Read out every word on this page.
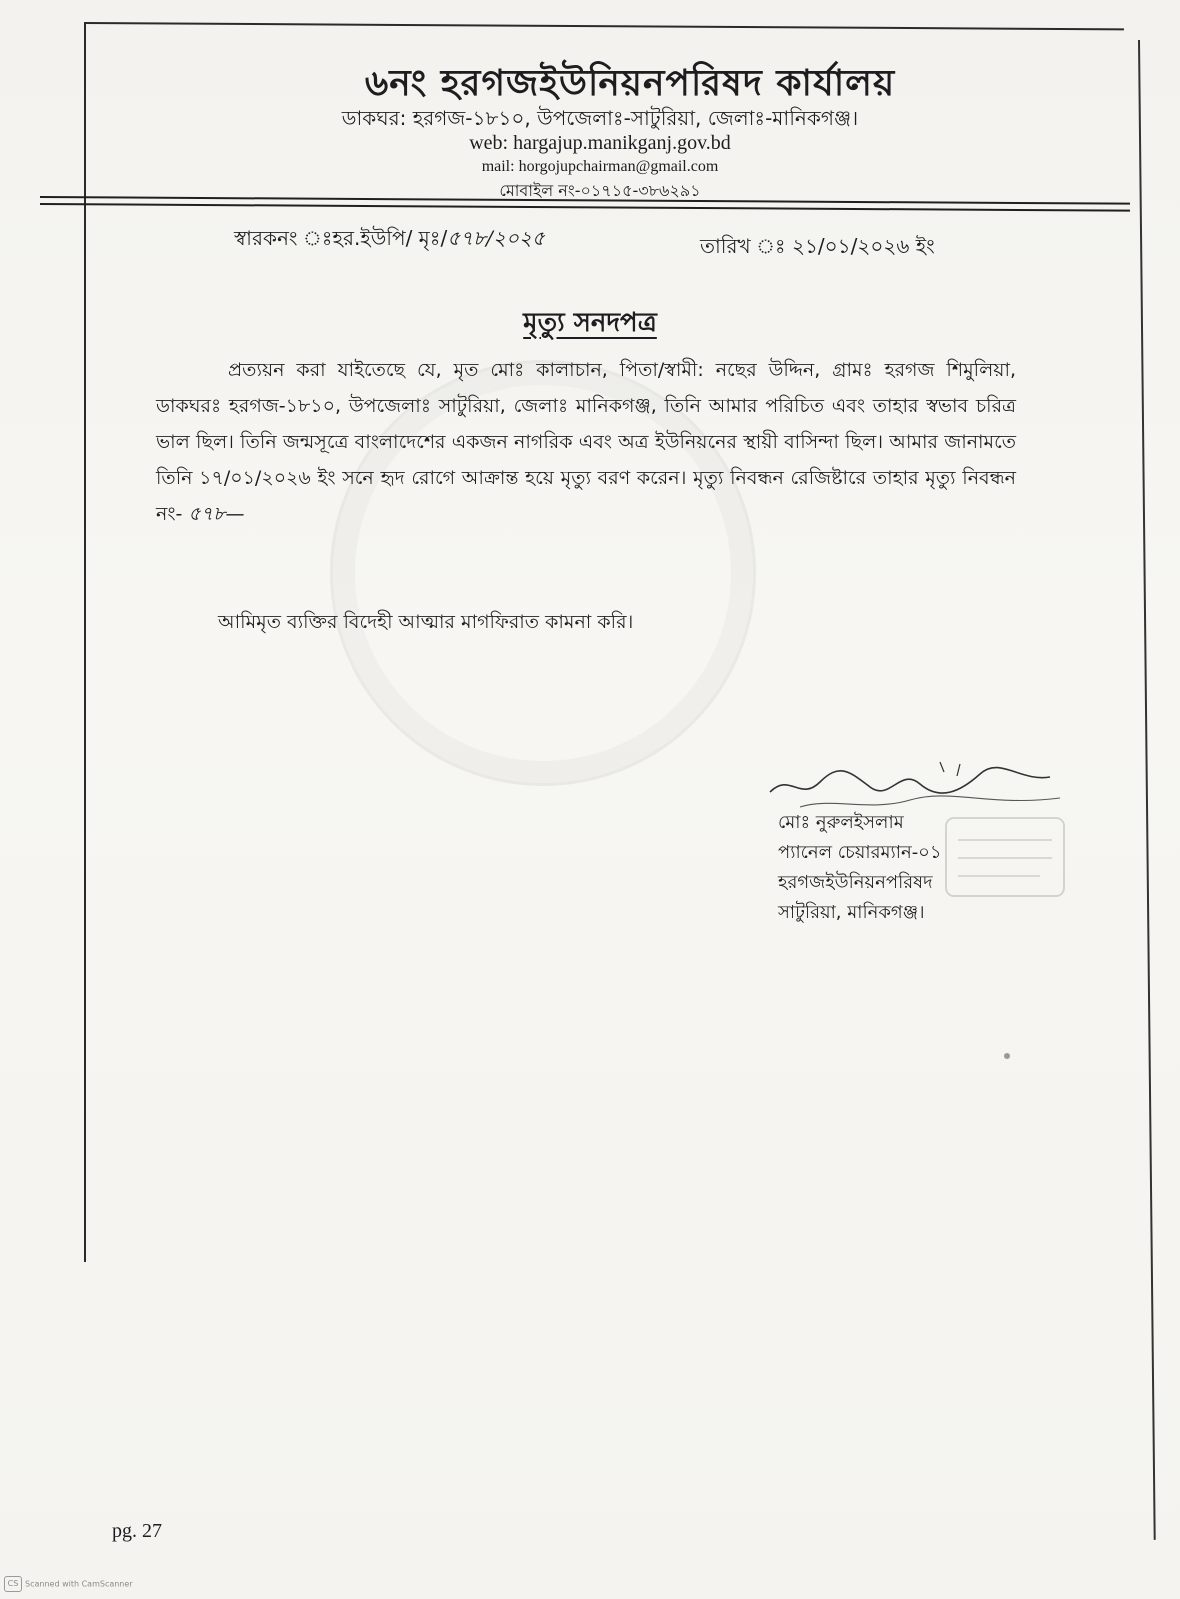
৬নং হরগজইউনিয়নপরিষদ কার্যালয়
ডাকঘর: হরগজ-১৮১০, উপজেলাঃ-সাটুরিয়া, জেলাঃ-মানিকগঞ্জ।
web: hargajup.manikganj.gov.bd
mail: horgojupchairman@gmail.com
মোবাইল নং-০১৭১৫-৩৮৬২৯১
স্বারকনং ঃহর.ইউপি/ মৃঃ/৫৭৮/২০২৫	তারিখ ঃ ২১/০১/২০২৬ ইং
মৃত্যু সনদপত্র
প্রত্যয়ন করা যাইতেছে যে, মৃত মোঃ কালাচান, পিতা/স্বামী: নছের উদ্দিন, গ্রামঃ হরগজ শিমুলিয়া, ডাকঘরঃ হরগজ-১৮১০, উপজেলাঃ সাটুরিয়া, জেলাঃ মানিকগঞ্জ, তিনি আমার পরিচিত এবং তাহার স্বভাব চরিত্র ভাল ছিল। তিনি জন্মসূত্রে বাংলাদেশের একজন নাগরিক এবং অত্র ইউনিয়নের স্থায়ী বাসিন্দা ছিল। আমার জানামতে তিনি ১৭/০১/২০২৬ ইং সনে হৃদ রোগে আক্রান্ত হয়ে মৃত্যু বরণ করেন। মৃত্যু নিবন্ধন রেজিষ্টারে তাহার মৃত্যু নিবন্ধন নং- ৫৭৮—
আমিমৃত ব্যক্তির বিদেহী আত্মার মাগফিরাত কামনা করি।
মোঃ নুরুলইসলাম
প্যানেল চেয়ারম্যান-০১
হরগজইউনিয়নপরিষদ
সাটুরিয়া, মানিকগঞ্জ।
pg. 27
CS Scanned with CamScanner
